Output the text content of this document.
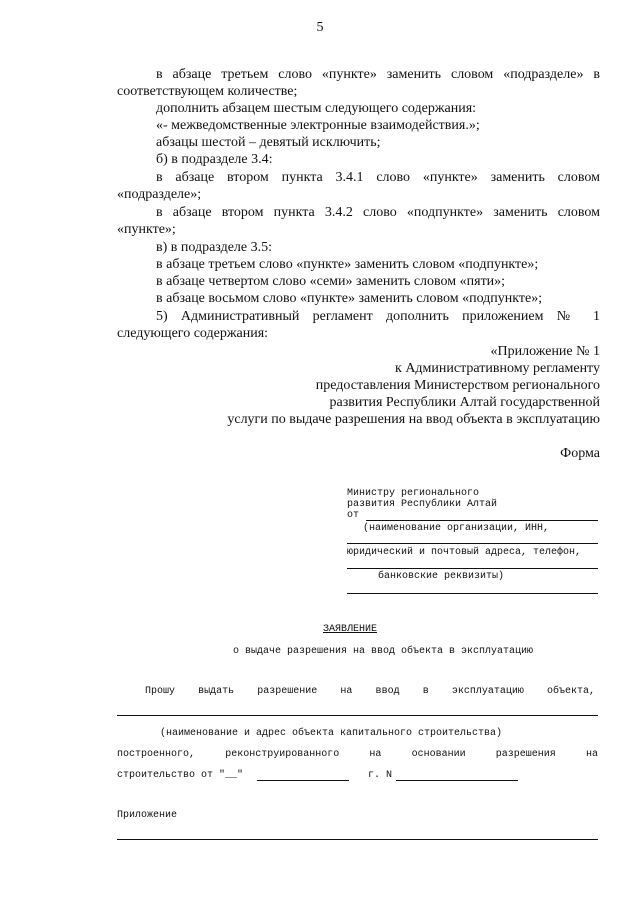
5
в абзаце третьем слово «пункте» заменить словом «подразделе» в
соответствующем количестве;
дополнить абзацем шестым следующего содержания:
«- межведомственные электронные взаимодействия.»;
абзацы шестой – девятый исключить;
б) в подразделе 3.4:
в абзаце втором пункта 3.4.1 слово «пункте» заменить словом
«подразделе»;
в абзаце втором пункта 3.4.2 слово «подпункте» заменить словом
«пункте»;
в) в подразделе 3.5:
в абзаце третьем слово «пункте» заменить словом «подпункте»;
в абзаце четвертом слово «семи» заменить словом «пяти»;
в абзаце восьмом слово «пункте» заменить словом «подпункте»;
5) Административный регламент дополнить приложением № 1
следующего содержания:
«Приложение № 1
к Административному регламенту
предоставления Министерством регионального
развития Республики Алтай государственной
услуги по выдаче разрешения на ввод объекта в эксплуатацию
Форма
Министру регионального
развития Республики Алтай
от
(наименование организации, ИНН,
юридический и почтовый адреса, телефон,
банковские реквизиты)
ЗАЯВЛЕНИЕ
о выдаче разрешения на ввод объекта в эксплуатацию
Прошу выдать разрешение на ввод в эксплуатацию объекта,
(наименование и адрес объекта капитального строительства)
построенного, реконструированного на основании разрешения на
строительство от "__"	г. N
Приложение
